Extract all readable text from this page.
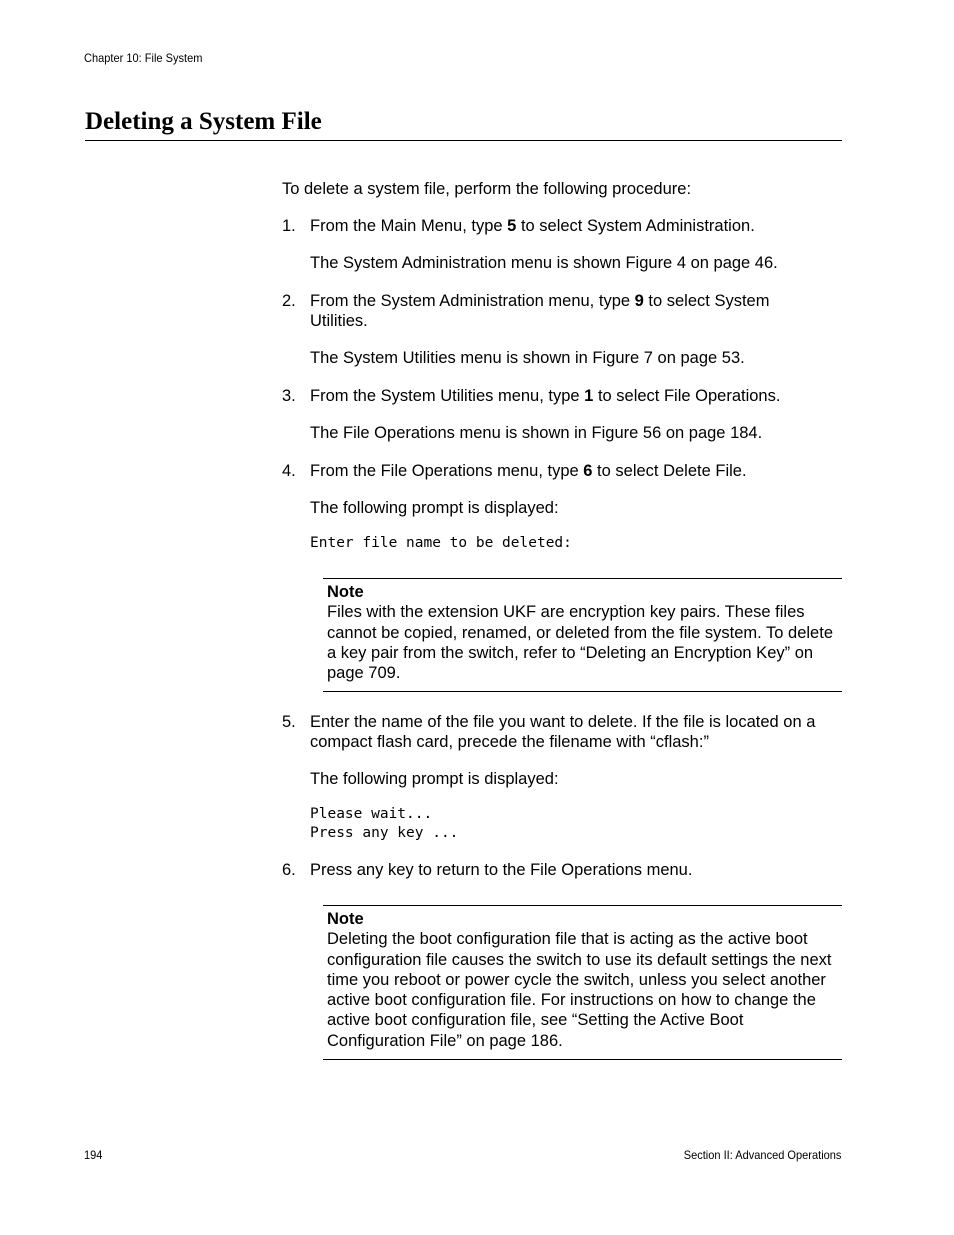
Chapter 10: File System
Deleting a System File
To delete a system file, perform the following procedure:
1. From the Main Menu, type 5 to select System Administration.
The System Administration menu is shown Figure 4 on page 46.
2. From the System Administration menu, type 9 to select System Utilities.
The System Utilities menu is shown in Figure 7 on page 53.
3. From the System Utilities menu, type 1 to select File Operations.
The File Operations menu is shown in Figure 56 on page 184.
4. From the File Operations menu, type 6 to select Delete File.
The following prompt is displayed:
Enter file name to be deleted:
Note
Files with the extension UKF are encryption key pairs. These files cannot be copied, renamed, or deleted from the file system. To delete a key pair from the switch, refer to “Deleting an Encryption Key” on page 709.
5. Enter the name of the file you want to delete. If the file is located on a compact flash card, precede the filename with “cflash:”
The following prompt is displayed:
Please wait...
Press any key ...
6. Press any key to return to the File Operations menu.
Note
Deleting the boot configuration file that is acting as the active boot configuration file causes the switch to use its default settings the next time you reboot or power cycle the switch, unless you select another active boot configuration file. For instructions on how to change the active boot configuration file, see “Setting the Active Boot Configuration File” on page 186.
194	Section II: Advanced Operations
